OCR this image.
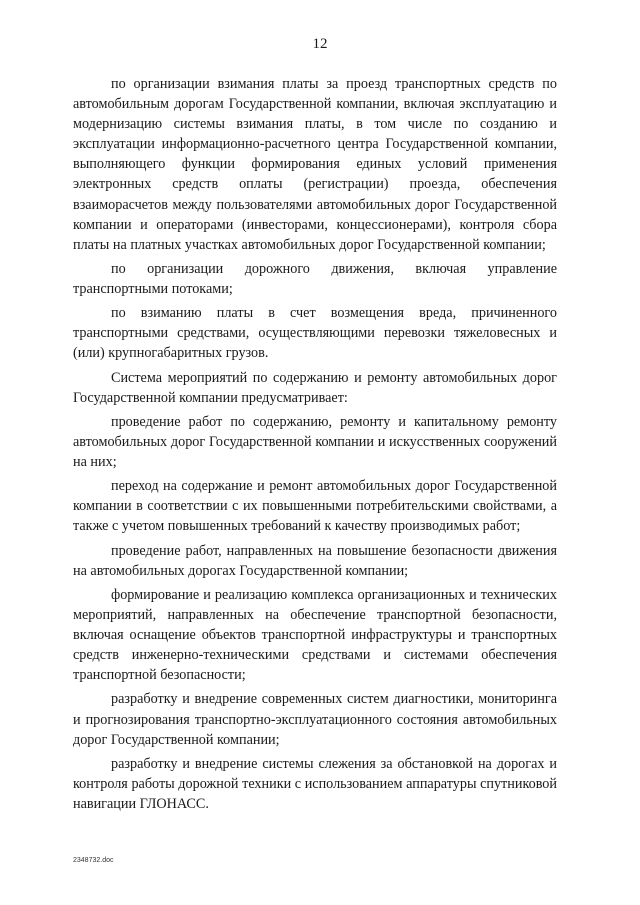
12

по организации взимания платы за проезд транспортных средств по автомобильным дорогам Государственной компании, включая эксплуатацию и модернизацию системы взимания платы, в том числе по созданию и эксплуатации информационно-расчетного центра Государственной компании, выполняющего функции формирования единых условий применения электронных средств оплаты (регистрации) проезда, обеспечения взаиморасчетов между пользователями автомобильных дорог Государственной компании и операторами (инвесторами, концессионерами), контроля сбора платы на платных участках автомобильных дорог Государственной компании;

по организации дорожного движения, включая управление транспортными потоками;

по взиманию платы в счет возмещения вреда, причиненного транспортными средствами, осуществляющими перевозки тяжеловесных и (или) крупногабаритных грузов.

Система мероприятий по содержанию и ремонту автомобильных дорог Государственной компании предусматривает:

проведение работ по содержанию, ремонту и капитальному ремонту автомобильных дорог Государственной компании и искусственных сооружений на них;

переход на содержание и ремонт автомобильных дорог Государственной компании в соответствии с их повышенными потребительскими свойствами, а также с учетом повышенных требований к качеству производимых работ;

проведение работ, направленных на повышение безопасности движения на автомобильных дорогах Государственной компании;

формирование и реализацию комплекса организационных и технических мероприятий, направленных на обеспечение транспортной безопасности, включая оснащение объектов транспортной инфраструктуры и транспортных средств инженерно-техническими средствами и системами обеспечения транспортной безопасности;

разработку и внедрение современных систем диагностики, мониторинга и прогнозирования транспортно-эксплуатационного состояния автомобильных дорог Государственной компании;

разработку и внедрение системы слежения за обстановкой на дорогах и контроля работы дорожной техники с использованием аппаратуры спутниковой навигации ГЛОНАСС.

2348732.doc
